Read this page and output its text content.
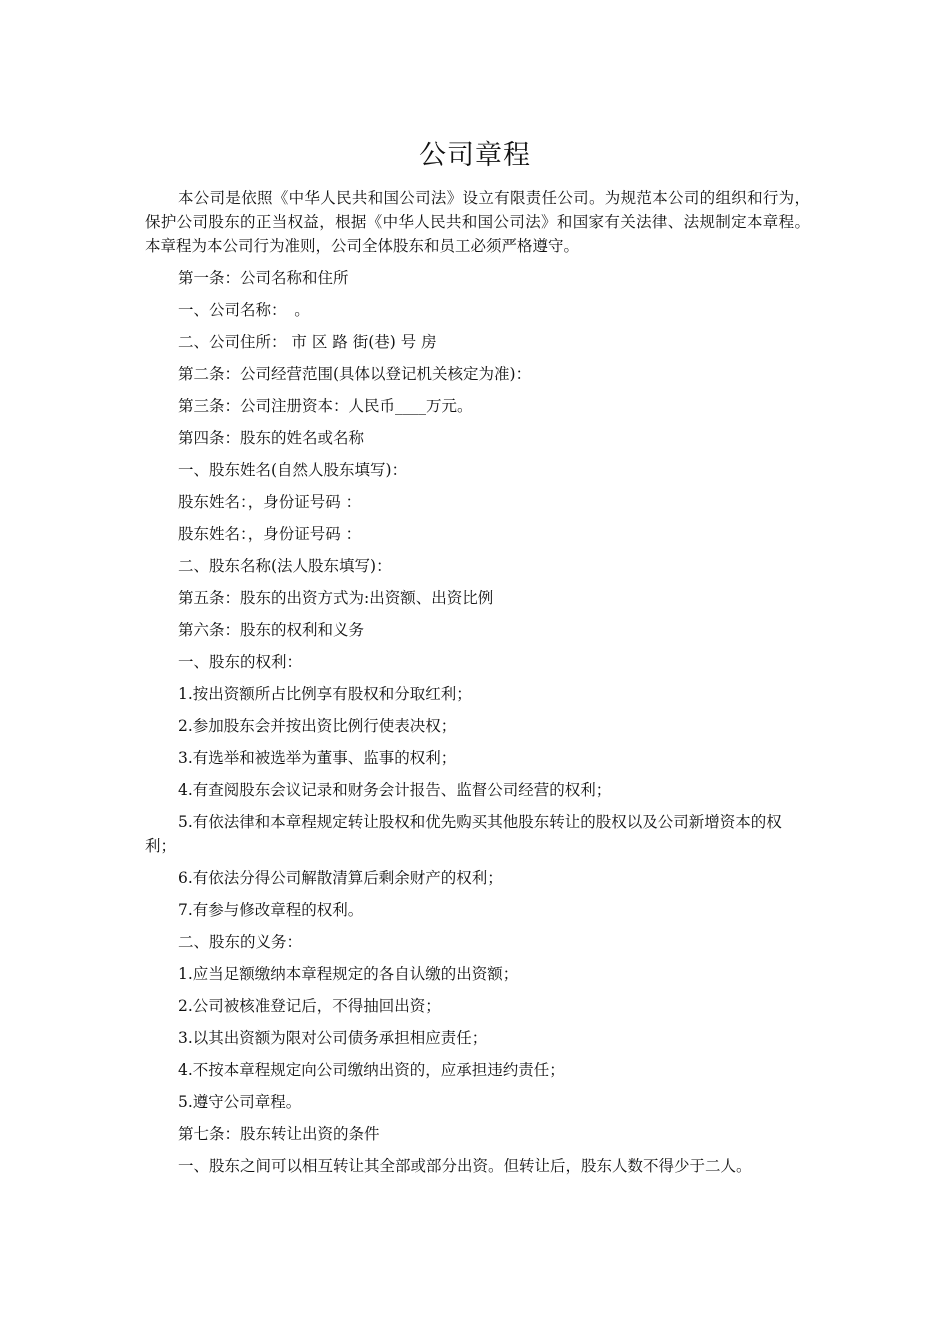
公司章程

本公司是依照《中华人民共和国公司法》设立有限责任公司。为规范本公司的组织和行为，保护公司股东的正当权益，根据《中华人民共和国公司法》和国家有关法律、法规制定本章程。本章程为本公司行为准则，公司全体股东和员工必须严格遵守。

第一条：公司名称和住所

一、公司名称：　。

二、公司住所： 市 区 路 街(巷) 号 房

第二条：公司经营范围(具体以登记机关核定为准)：

第三条：公司注册资本：人民币____万元。

第四条：股东的姓名或名称

一、股东姓名(自然人股东填写)：

股东姓名：，身份证号码 ：

股东姓名：，身份证号码 ：

二、股东名称(法人股东填写)：

第五条：股东的出资方式为:出资额、出资比例

第六条：股东的权利和义务

一、股东的权利：

1.按出资额所占比例享有股权和分取红利；

2.参加股东会并按出资比例行使表决权；

3.有选举和被选举为董事、监事的权利；

4.有查阅股东会议记录和财务会计报告、监督公司经营的权利；

5.有依法律和本章程规定转让股权和优先购买其他股东转让的股权以及公司新增资本的权利；

6.有依法分得公司解散清算后剩余财产的权利；

7.有参与修改章程的权利。

二、股东的义务：

1.应当足额缴纳本章程规定的各自认缴的出资额；

2.公司被核准登记后，不得抽回出资；

3.以其出资额为限对公司债务承担相应责任；

4.不按本章程规定向公司缴纳出资的，应承担违约责任；

5.遵守公司章程。

第七条：股东转让出资的条件

一、股东之间可以相互转让其全部或部分出资。但转让后，股东人数不得少于二人。
